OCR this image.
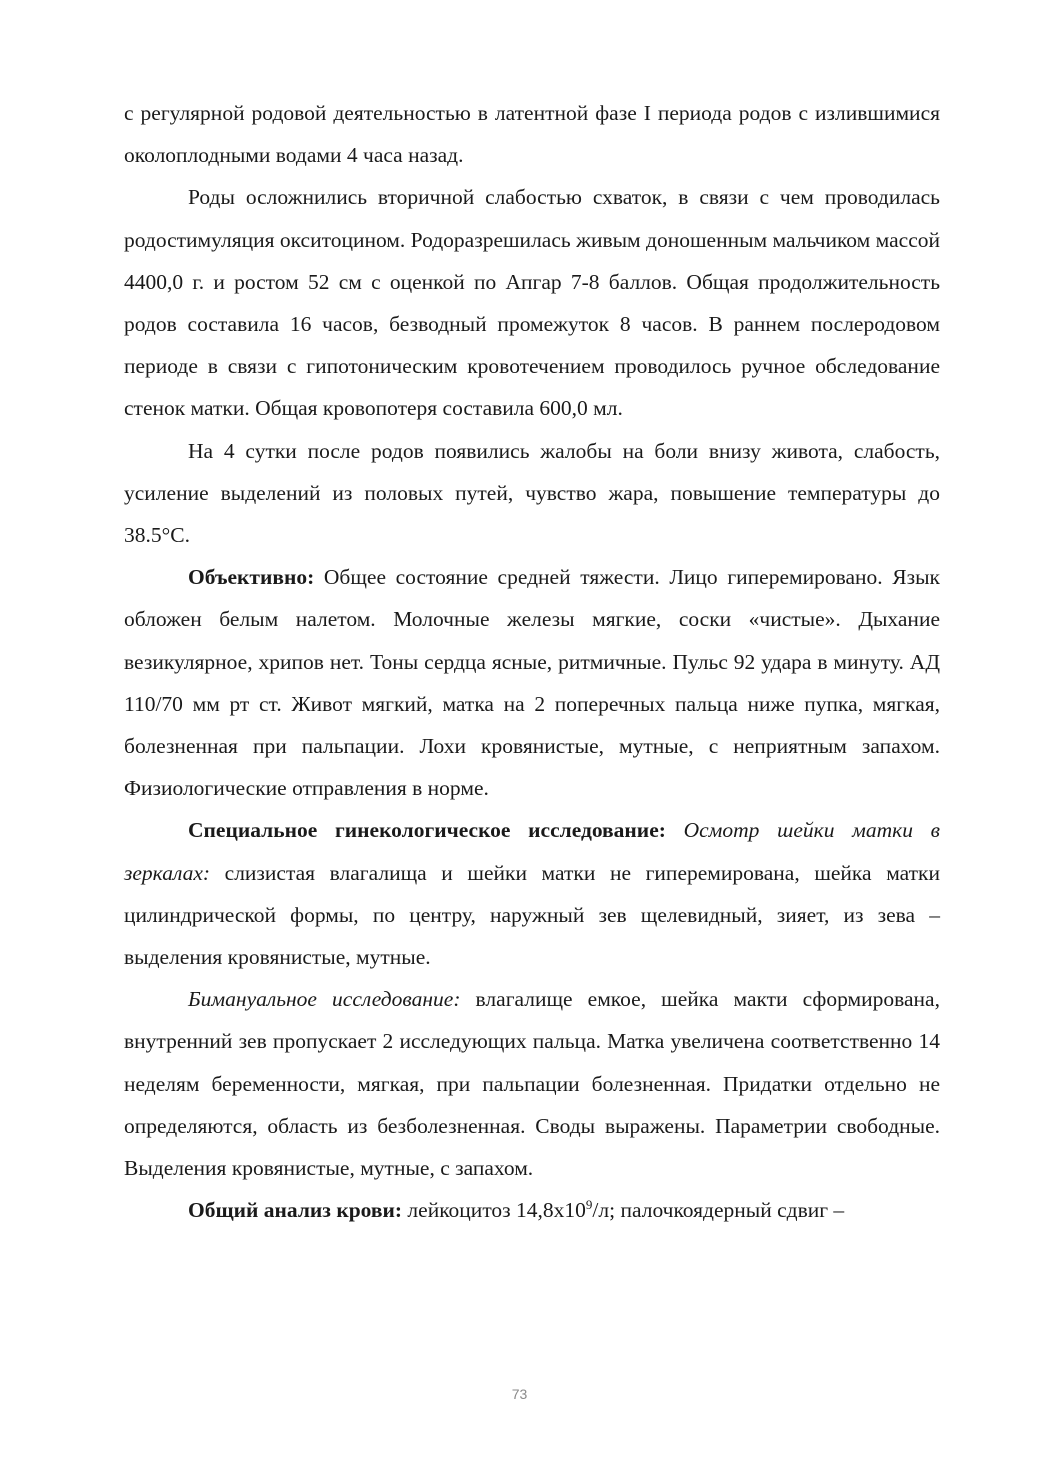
с регулярной родовой деятельностью в латентной фазе I периода родов с излившимися околоплодными водами 4 часа назад.

Роды осложнились вторичной слабостью схваток, в связи с чем проводилась родостимуляция окситоцином. Родоразрешилась живым доношенным мальчиком массой 4400,0 г. и ростом 52 см с оценкой по Апгар 7-8 баллов. Общая продолжительность родов составила 16 часов, безводный промежуток 8 часов. В раннем послеродовом периоде в связи с гипотоническим кровотечением проводилось ручное обследование стенок матки. Общая кровопотеря составила 600,0 мл.

На 4 сутки после родов появились жалобы на боли внизу живота, слабость, усиление выделений из половых путей, чувство жара, повышение температуры до 38.5°С.

Объективно: Общее состояние средней тяжести. Лицо гиперемировано. Язык обложен белым налетом. Молочные железы мягкие, соски «чистые». Дыхание везикулярное, хрипов нет. Тоны сердца ясные, ритмичные. Пульс 92 удара в минуту. АД 110/70 мм рт ст. Живот мягкий, матка на 2 поперечных пальца ниже пупка, мягкая, болезненная при пальпации. Лохи кровянистые, мутные, с неприятным запахом. Физиологические отправления в норме.

Специальное гинекологическое исследование: Осмотр шейки матки в зеркалах: слизистая влагалища и шейки матки не гиперемирована, шейка матки цилиндрической формы, по центру, наружный зев щелевидный, зияет, из зева – выделения кровянистые, мутные.

Бимануальное исследование: влагалище емкое, шейка макти сформирована, внутренний зев пропускает 2 исследующих пальца. Матка увеличена соответственно 14 неделям беременности, мягкая, при пальпации болезненная. Придатки отдельно не определяются, область из безболезненная. Своды выражены. Параметрии свободные. Выделения кровянистые, мутные, с запахом.

Общий анализ крови: лейкоцитоз $14,8х10^9/л$; палочкоядерный сдвиг –

73
